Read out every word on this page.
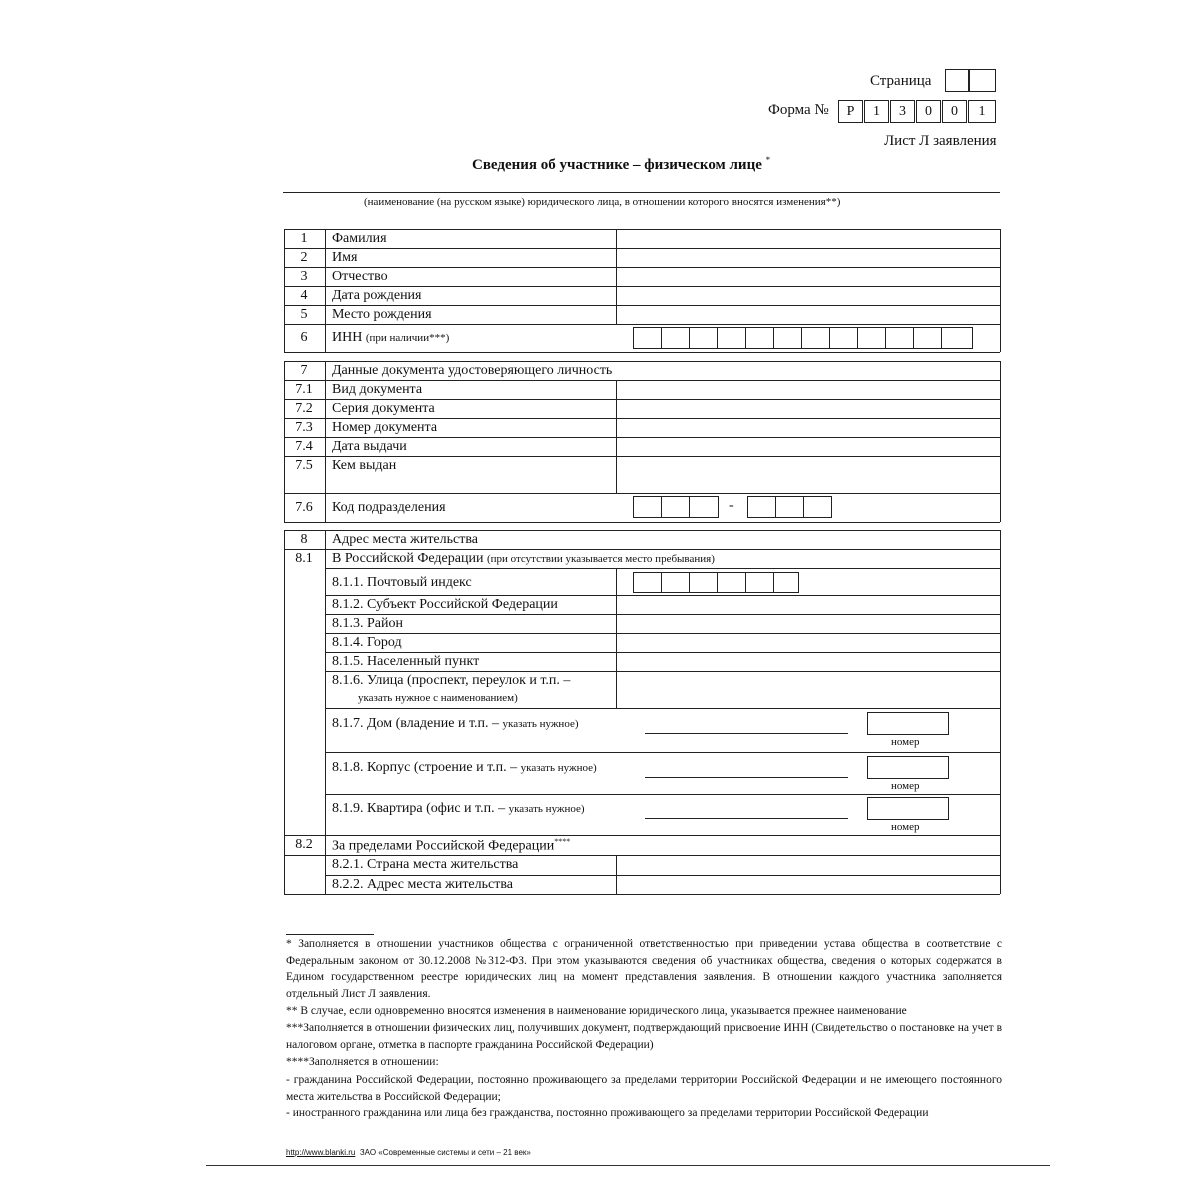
Страница
Форма №	Р	1	3	0	0	1
Лист Л заявления
Сведения об участнике – физическом лице *
(наименование (на русском языке) юридического лица, в отношении которого вносятся изменения**)
1	Фамилия
2	Имя
3	Отчество
4	Дата рождения
5	Место рождения
6	ИНН (при наличии***)
7	Данные документа удостоверяющего личность
7.1	Вид документа
7.2	Серия документа
7.3	Номер документа
7.4	Дата выдачи
7.5	Кем выдан
7.6	Код подразделения	-
8	Адрес места жительства
8.1	В Российской Федерации (при отсутствии указывается место пребывания)
8.1.1. Почтовый индекс
8.1.2. Субъект Российской Федерации
8.1.3. Район
8.1.4. Город
8.1.5. Населенный пункт
8.1.6. Улица (проспект, переулок и т.п. –
указать нужное с наименованием)
8.1.7. Дом (владение и т.п. – указать нужное)
8.1.8. Корпус (строение и т.п. – указать нужное)
8.1.9. Квартира (офис и т.п. – указать нужное)
номер
номер
номер
8.2	За пределами Российской Федерации****
8.2.1. Страна места жительства
8.2.2. Адрес места жительства
* Заполняется в отношении участников общества с ограниченной ответственностью при приведении устава общества в соответствие с Федеральным законом от 30.12.2008 №312-ФЗ. При этом указываются сведения об участниках общества, сведения о которых содержатся в Едином государственном реестре юридических лиц на момент представления заявления. В отношении каждого участника заполняется отдельный Лист Л заявления.
** В случае, если одновременно вносятся изменения в наименование юридического лица, указывается прежнее наименование
***Заполняется в отношении физических лиц, получивших документ, подтверждающий присвоение ИНН (Свидетельство о постановке на учет в налоговом органе, отметка в паспорте гражданина Российской Федерации)
****Заполняется в отношении:
- гражданина Российской Федерации, постоянно проживающего за пределами территории Российской Федерации и не имеющего постоянного места жительства в Российской Федерации;
- иностранного гражданина или лица без гражданства, постоянно проживающего за пределами территории Российской Федерации
http://www.blanki.ru ЗАО «Современные системы и сети – 21 век»
